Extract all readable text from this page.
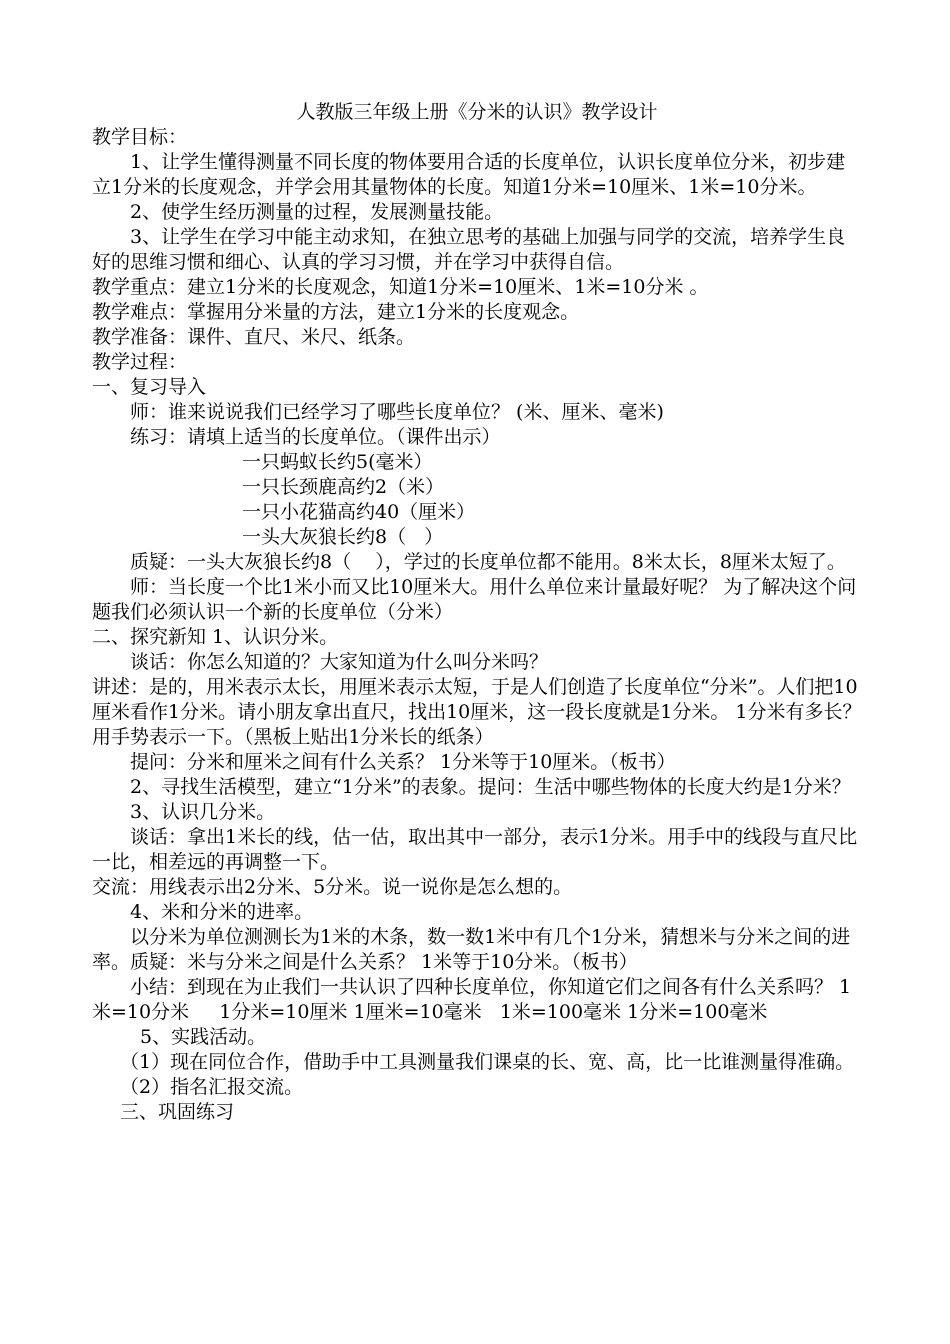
人教版三年级上册《分米的认识》教学设计

教学目标：

1、让学生懂得测量不同长度的物体要用合适的长度单位，认识长度单位分米，初步建立1分米的长度观念，并学会用其量物体的长度。知道1分米=10厘米、1米=10分米。

2、使学生经历测量的过程，发展测量技能。

3、让学生在学习中能主动求知，在独立思考的基础上加强与同学的交流，培养学生良好的思维习惯和细心、认真的学习习惯，并在学习中获得自信。

教学重点：建立1分米的长度观念，知道1分米=10厘米、1米=10分米 。

教学难点：掌握用分米量的方法，建立1分米的长度观念。

教学准备：课件、直尺、米尺、纸条。

教学过程：

一、复习导入

师：谁来说说我们已经学习了哪些长度单位？ (米、厘米、毫米)

练习：请填上适当的长度单位。（课件出示）

一只蚂蚁长约5(毫米）

一只长颈鹿高约2（米）

一只小花猫高约40（厘米）

一头大灰狼长约8（   ）

质疑：一头大灰狼长约8（    ），学过的长度单位都不能用。8米太长，8厘米太短了。

师：当长度一个比1米小而又比10厘米大。用什么单位来计量最好呢？ 为了解决这个问题我们必须认识一个新的长度单位（分米）

二、探究新知 1、认识分米。

谈话：你怎么知道的？大家知道为什么叫分米吗？

讲述：是的，用米表示太长，用厘米表示太短，于是人们创造了长度单位“分米”。人们把10厘米看作1分米。请小朋友拿出直尺，找出10厘米，这一段长度就是1分米。 1分米有多长？用手势表示一下。（黑板上贴出1分米长的纸条）

提问：分米和厘米之间有什么关系？ 1分米等于10厘米。（板书）

2、寻找生活模型，建立“1分米”的表象。提问：生活中哪些物体的长度大约是1分米？

3、认识几分米。

谈话：拿出1米长的线，估一估，取出其中一部分，表示1分米。用手中的线段与直尺比一比，相差远的再调整一下。

交流：用线表示出2分米、5分米。说一说你是怎么想的。

4、米和分米的进率。

以分米为单位测测长为1米的木条，数一数1米中有几个1分米，猜想米与分米之间的进率。质疑：米与分米之间是什么关系？ 1米等于10分米。（板书）

小结：到现在为止我们一共认识了四种长度单位，你知道它们之间各有什么关系吗？ 1米=10分米     1分米=10厘米 1厘米=10毫米   1米=100毫米 1分米=100毫米

5、实践活动。

（1）现在同位合作，借助手中工具测量我们课桌的长、宽、高，比一比谁测量得准确。

（2）指名汇报交流。

三、巩固练习
